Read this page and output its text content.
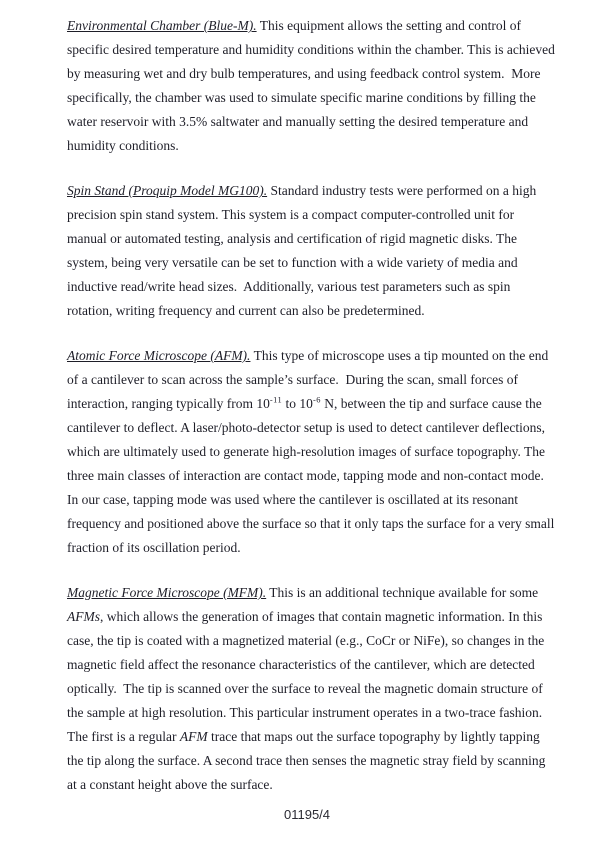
Environmental Chamber (Blue-M). This equipment allows the setting and control of specific desired temperature and humidity conditions within the chamber. This is achieved by measuring wet and dry bulb temperatures, and using feedback control system.  More specifically, the chamber was used to simulate specific marine conditions by filling the water reservoir with 3.5% saltwater and manually setting the desired temperature and humidity conditions.

Spin Stand (Proquip Model MG100). Standard industry tests were performed on a high precision spin stand system. This system is a compact computer-controlled unit for manual or automated testing, analysis and certification of rigid magnetic disks. The system, being very versatile can be set to function with a wide variety of media and inductive read/write head sizes.  Additionally, various test parameters such as spin rotation, writing frequency and current can also be predetermined.

Atomic Force Microscope (AFM). This type of microscope uses a tip mounted on the end of a cantilever to scan across the sample’s surface.  During the scan, small forces of interaction, ranging typically from $10^{-11}$ to $10^{-6}$ N, between the tip and surface cause the cantilever to deflect. A laser/photo-detector setup is used to detect cantilever deflections, which are ultimately used to generate high-resolution images of surface topography. The three main classes of interaction are contact mode, tapping mode and non-contact mode. In our case, tapping mode was used where the cantilever is oscillated at its resonant frequency and positioned above the surface so that it only taps the surface for a very small fraction of its oscillation period.

Magnetic Force Microscope (MFM). This is an additional technique available for some AFMs, which allows the generation of images that contain magnetic information. In this case, the tip is coated with a magnetized material (e.g., CoCr or NiFe), so changes in the magnetic field affect the resonance characteristics of the cantilever, which are detected optically.  The tip is scanned over the surface to reveal the magnetic domain structure of the sample at high resolution. This particular instrument operates in a two-trace fashion. The first is a regular AFM trace that maps out the surface topography by lightly tapping the tip along the surface. A second trace then senses the magnetic stray field by scanning at a constant height above the surface.

01195/4
